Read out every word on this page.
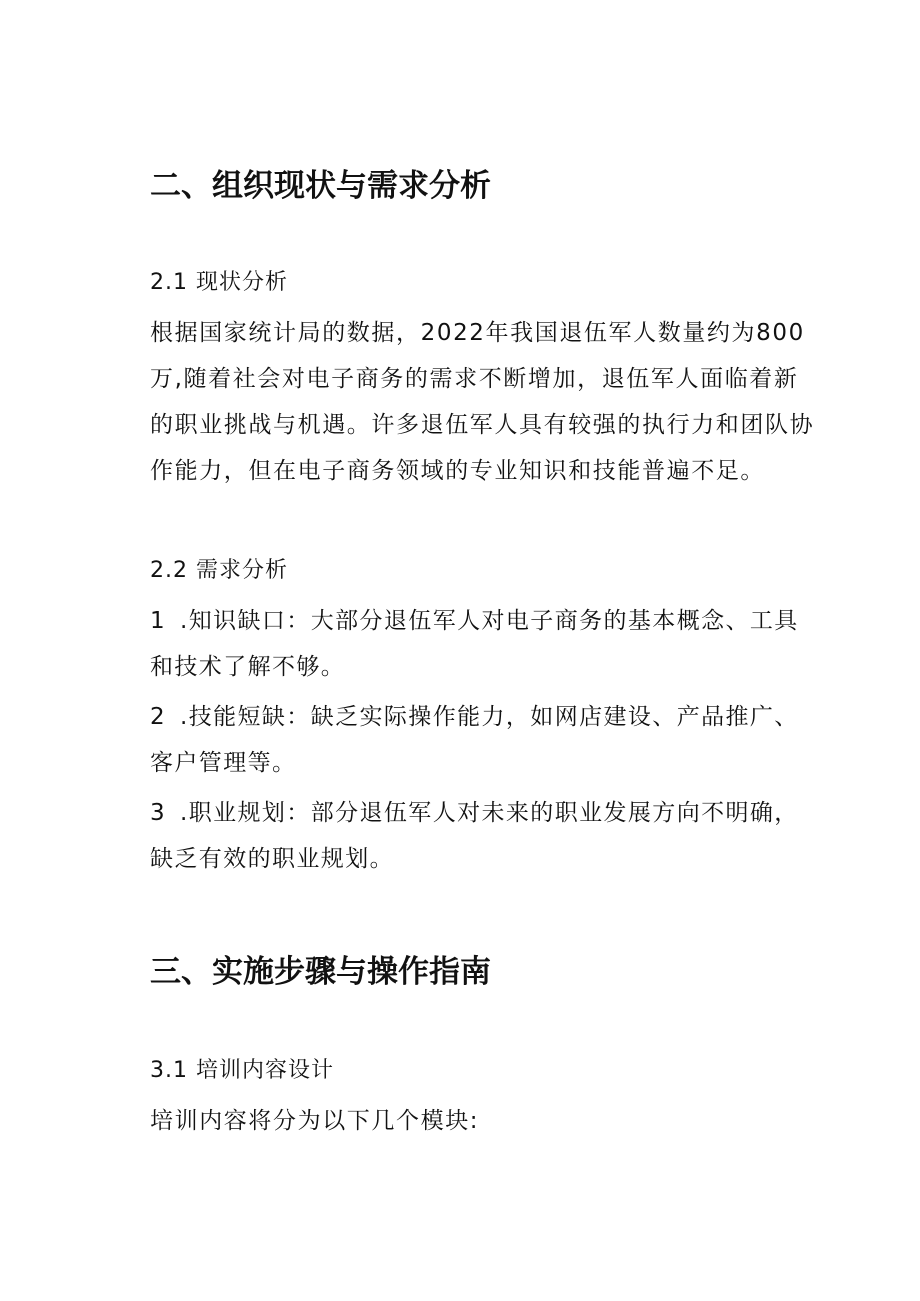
二、组织现状与需求分析
2.1 现状分析
根据国家统计局的数据，2022年我国退伍军人数量约为800万,随着社会对电子商务的需求不断增加，退伍军人面临着新的职业挑战与机遇。许多退伍军人具有较强的执行力和团队协作能力，但在电子商务领域的专业知识和技能普遍不足。
2.2 需求分析
1 .知识缺口：大部分退伍军人对电子商务的基本概念、工具和技术了解不够。
2 .技能短缺：缺乏实际操作能力，如网店建设、产品推广、客户管理等。
3 .职业规划：部分退伍军人对未来的职业发展方向不明确，缺乏有效的职业规划。
三、实施步骤与操作指南
3.1 培训内容设计
培训内容将分为以下几个模块:
